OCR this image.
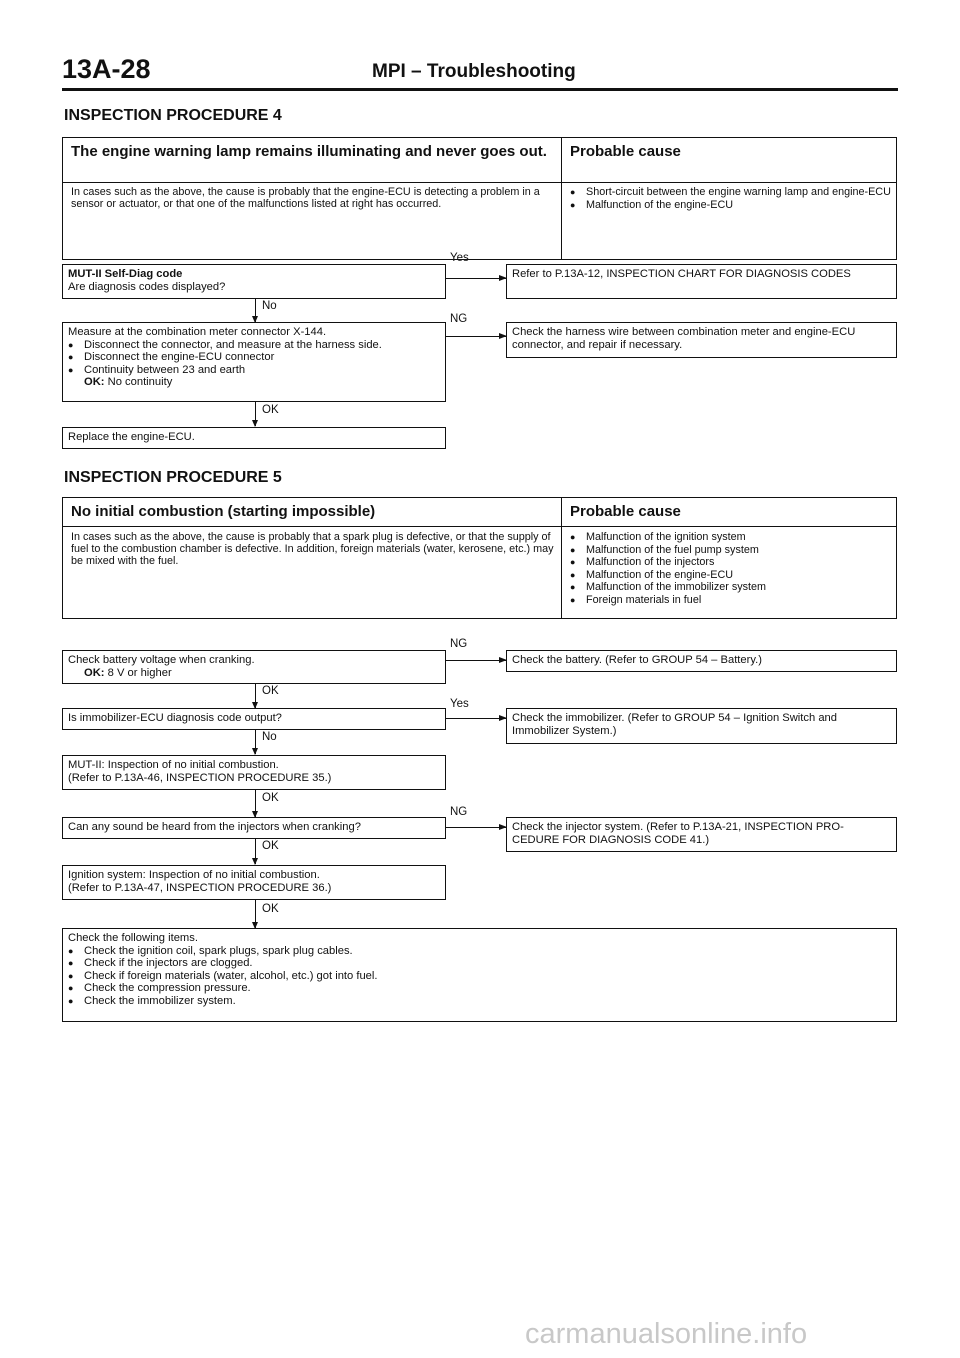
13A-28	MPI – Troubleshooting
INSPECTION PROCEDURE 4
The engine warning lamp remains illuminating and never goes out.	Probable cause
In cases such as the above, the cause is probably that the engine-ECU is detecting a problem in a sensor or actuator, or that one of the malfunctions listed at right has occurred.
● Short-circuit between the engine warning lamp and engine-ECU
● Malfunction of the engine-ECU
MUT-II Self-Diag code
Are diagnosis codes displayed?
Yes
Refer to P.13A-12, INSPECTION CHART FOR DIAGNOSIS CODES
No
Measure at the combination meter connector X-144.
● Disconnect the connector, and measure at the harness side.
● Disconnect the engine-ECU connector
● Continuity between 23 and earth
OK: No continuity
NG
Check the harness wire between combination meter and engine-ECU connector, and repair if necessary.
OK
Replace the engine-ECU.
INSPECTION PROCEDURE 5
No initial combustion (starting impossible)	Probable cause
In cases such as the above, the cause is probably that a spark plug is defective, or that the supply of fuel to the combustion chamber is defective. In addition, foreign materials (water, kerosene, etc.) may be mixed with the fuel.
● Malfunction of the ignition system
● Malfunction of the fuel pump system
● Malfunction of the injectors
● Malfunction of the engine-ECU
● Malfunction of the immobilizer system
● Foreign materials in fuel
Check battery voltage when cranking.
OK: 8 V or higher
NG
Check the battery. (Refer to GROUP 54 – Battery.)
OK
Is immobilizer-ECU diagnosis code output?
Yes
Check the immobilizer. (Refer to GROUP 54 – Ignition Switch and Immobilizer System.)
No
MUT-II: Inspection of no initial combustion.
(Refer to P.13A-46, INSPECTION PROCEDURE 35.)
OK
Can any sound be heard from the injectors when cranking?
NG
Check the injector system. (Refer to P.13A-21, INSPECTION PRO-CEDURE FOR DIAGNOSIS CODE 41.)
OK
Ignition system: Inspection of no initial combustion.
(Refer to P.13A-47, INSPECTION PROCEDURE 36.)
OK
Check the following items.
● Check the ignition coil, spark plugs, spark plug cables.
● Check if the injectors are clogged.
● Check if foreign materials (water, alcohol, etc.) got into fuel.
● Check the compression pressure.
● Check the immobilizer system.
carmanualsonline.info
